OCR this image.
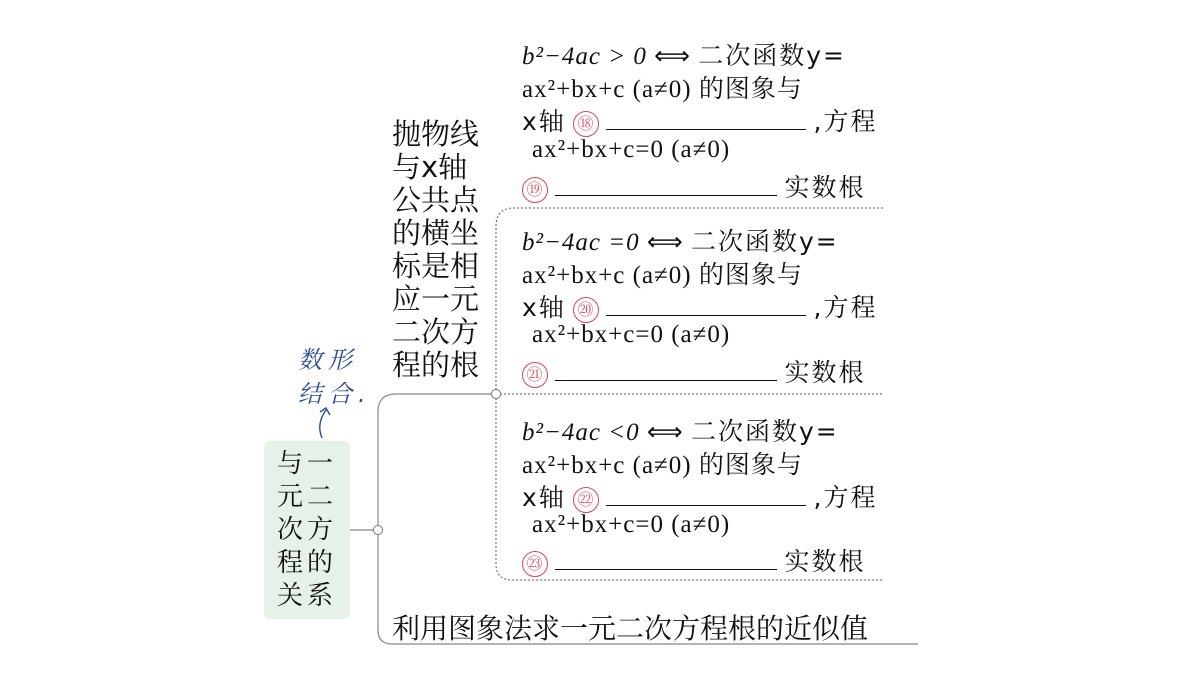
与一元二次方程的关系
数形
结合.
抛物线与x轴公共点的横坐标是相应一元二次方程的根
b²−4ac > 0 ⟺ 二次函数y=
ax²+bx+c (a≠0) 的图象与
x轴 ⑱	,方程
ax²+bx+c=0 (a≠0)
⑲	实数根
b²−4ac =0 ⟺ 二次函数y=
ax²+bx+c (a≠0) 的图象与
x轴 ⑳	,方程
ax²+bx+c=0 (a≠0)
㉑	实数根
b²−4ac <0 ⟺ 二次函数y=
ax²+bx+c (a≠0) 的图象与
x轴 ㉒	,方程
ax²+bx+c=0 (a≠0)
㉓	实数根
利用图象法求一元二次方程根的近似值
